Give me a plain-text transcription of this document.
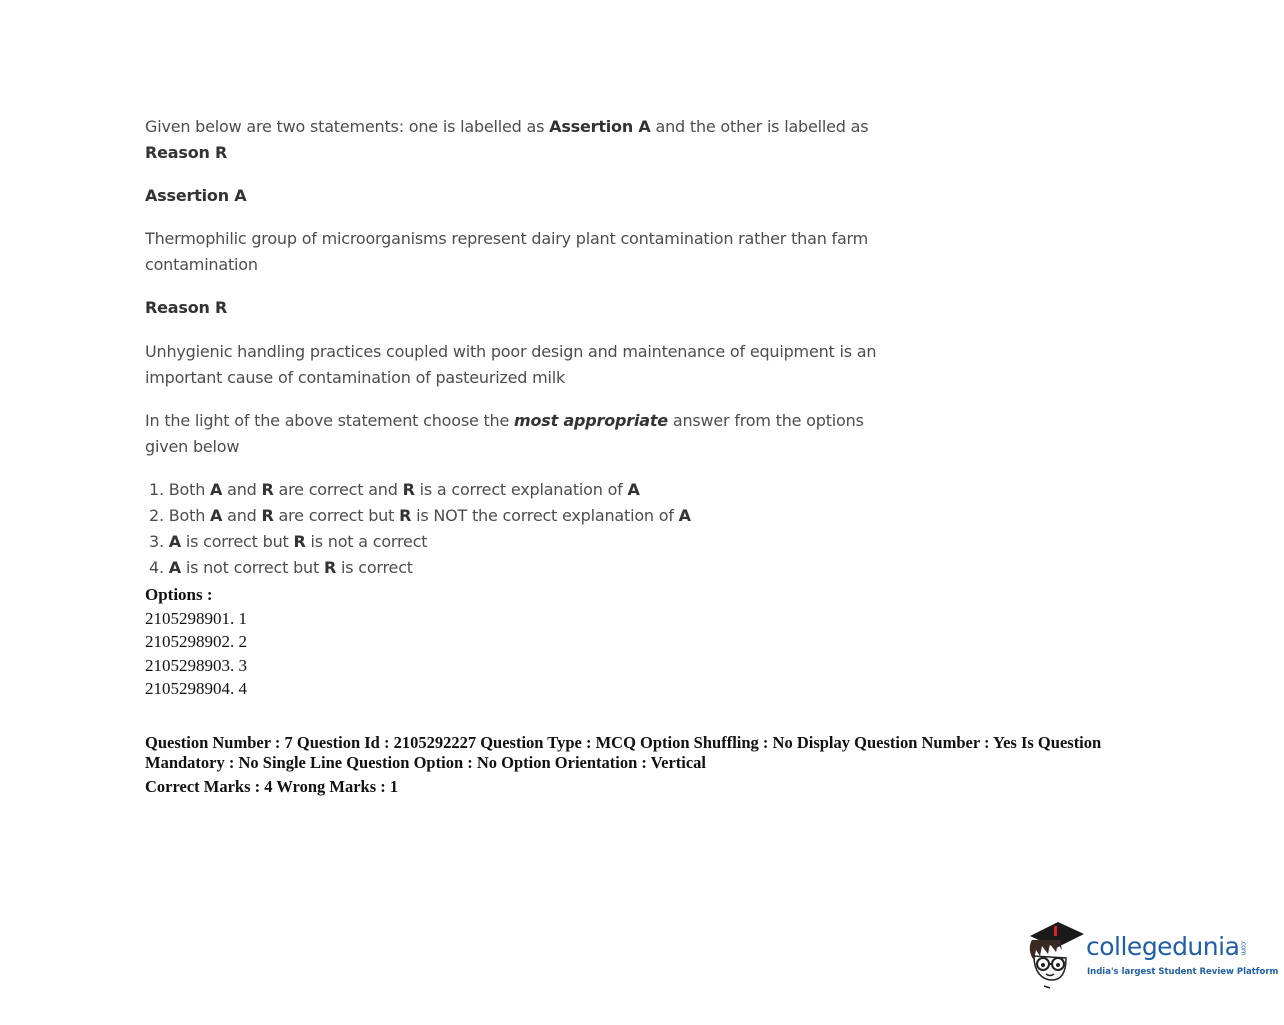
Given below are two statements: one is labelled as Assertion A and the other is labelled as
Reason R
Assertion A
Thermophilic group of microorganisms represent dairy plant contamination rather than farm
contamination
Reason R
Unhygienic handling practices coupled with poor design and maintenance of equipment is an
important cause of contamination of pasteurized milk
In the light of the above statement choose the most appropriate answer from the options
given below
1. Both A and R are correct and R is a correct explanation of A
2. Both A and R are correct but R is NOT the correct explanation of A
3. A is correct but R is not a correct
4. A is not correct but R is correct
Options :
2105298901. 1
2105298902. 2
2105298903. 3
2105298904. 4
Question Number : 7 Question Id : 2105292227 Question Type : MCQ Option Shuffling : No Display Question Number : Yes Is Question
Mandatory : No Single Line Question Option : No Option Orientation : Vertical
Correct Marks : 4 Wrong Marks : 1
collegedunia.com
India's largest Student Review Platform
